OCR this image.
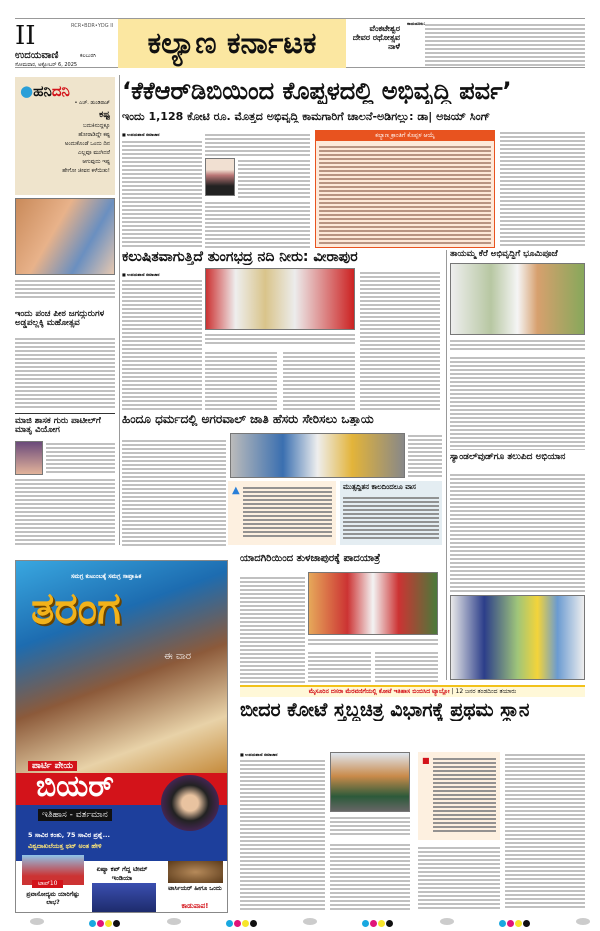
II	RCR•BDR•YDG II
ಉದಯವಾಣಿ	ಕಲಬುರಗಿ
ಸೋಮವಾರ, ಅಕ್ಟೋಬರ್ 6, 2025
ಕಲ್ಯಾಣ ಕರ್ನಾಟಕ	ವೆಂಕಟೇಶ್ವರ ದೇವರ ರಥೋತ್ಸವ ನಾಳೆ
ರಾಯಚೂರು:
●ಹನಿದನಿ
• ಎಚ್. ಡುಂಡಿರಾಜ್
ಕಷ್ಟ
ಬದುಕಿನುದ್ದಕ್ಕೂ
ಹೋರಾಡಿದ್ದೇ ಕಷ್ಟ
ಅಂದುಕೊಂಡೆ ಒಂದು ದಿನ
ಎಲ್ಲವೂ ಮುಗಿದರೆ
ಆಗುವುದು ಇಷ್ಟ
ಹೇಗೋ ಜೀವನ ಕಳೆಯಿತು!
ಇಂದು ಪಂಚ ಪೀಠ ಜಗದ್ಗುರುಗಳ ಅಡ್ಡಪಲ್ಲಕ್ಕಿ ಮಹೋತ್ಸವ
ಮಾಜಿ ಶಾಸಕ ಗುರು ಪಾಟೀಲ್‌ಗೆ ಮಾತೃ ವಿಯೋಗ
‘ಕೆಕೆಆರ್‌ಡಿಬಿಯಿಂದ ಕೊಪ್ಪಳದಲ್ಲಿ ಅಭಿವೃದ್ಧಿ ಪರ್ವ’
ಇಂದು 1,128 ಕೋಟಿ ರೂ. ಮೊತ್ತದ ಅಭಿವೃದ್ಧಿ ಕಾಮಗಾರಿಗೆ ಚಾಲನೆ-ಅಡಿಗಲ್ಲು: ಡಾ| ಅಜಯ್‌ ಸಿಂಗ್
■ ಉದಯವಾಣಿ ಸಮಾಚಾರ	ಕಲ್ಯಾಣ ಕ್ರಾಂತಿಗೆ ಕೊಪ್ಪಳ ಆಯ್ಕೆ
ಕಲುಷಿತವಾಗುತ್ತಿದೆ ತುಂಗಭದ್ರ ನದಿ ನೀರು: ವೀರಾಪುರ
■ ಉದಯವಾಣಿ ಸಮಾಚಾರ
ತಾಯಮ್ಮ ಕೆರೆ ಅಭಿವೃದ್ಧಿಗೆ ಭೂಮಿಪೂಜೆ
ಹಿಂದೂ ಧರ್ಮದಲ್ಲಿ ಅಗರವಾಲ್ ಜಾತಿ ಹೆಸರು ಸೇರಿಸಲು ಒತ್ತಾಯ
▲	ಮುತ್ಸದ್ದಿತನ ಕಾಲದಿಂದಲೂ ವಾಸ
ಸ್ಯಾಂಡಲ್‌ವುಡ್‌ಗೂ ತಲುಪಿದ ಅಭಿಯಾನ
ಸಮಗ್ರ ಕುಟುಂಬಕ್ಕೆ ಸಮಗ್ರ ಸಾಪ್ತಾಹಿಕ
ತರಂಗ
ಈ ವಾರ
ಪಾರ್ಟಿ ಪೇಯ
ಬಿಯರ್
ಇತಿಹಾಸ - ವರ್ತಮಾನ
5 ಸಾವಿರ ಕಂತು, 75 ಸಾವಿರ ಪ್ರಶ್ನೆ...
ವಿಶ್ವದಾಖಲೆಯತ್ತ ಥಟ್ ಅಂತ ಹೇಳಿ
ಟಾಪ್10
ಪ್ರವಾಸೋದ್ಯಮ ಯಾರಿಗೆಷ್ಟು ಲಾಭ?
ಏಷ್ಯಾ ಕಪ್ ಗೆದ್ದ ಟೀಮ್ ಇಂಡಿಯಾ
ಟಾರ್ಸಿಯರ್ ಹೀಗೂ ಒಂದು
ಕಾಡುಪಾಪ!
ಯಾದಗಿರಿಯಿಂದ ತುಳಜಾಪುರಕ್ಕೆ ಪಾದಯಾತ್ರೆ
ಮೈಸೂರಿನ ದಸರಾ ಮೆರವಣಿಗೆಯಲ್ಲಿ ಕೋಟೆ ಇತಿಹಾಸ ಬಿಂಬಿಸಿದ ಟ್ಯಾಬ್ಲೋ | 12 ಜನರ ತಂಡದಿಂದ ತಯಾರು
ಬೀದರ ಕೋಟೆ ಸ್ತಬ್ಧಚಿತ್ರ ವಿಭಾಗಕ್ಕೆ ಪ್ರಥಮ ಸ್ಥಾನ
■ ಉದಯವಾಣಿ ಸಮಾಚಾರ
■
